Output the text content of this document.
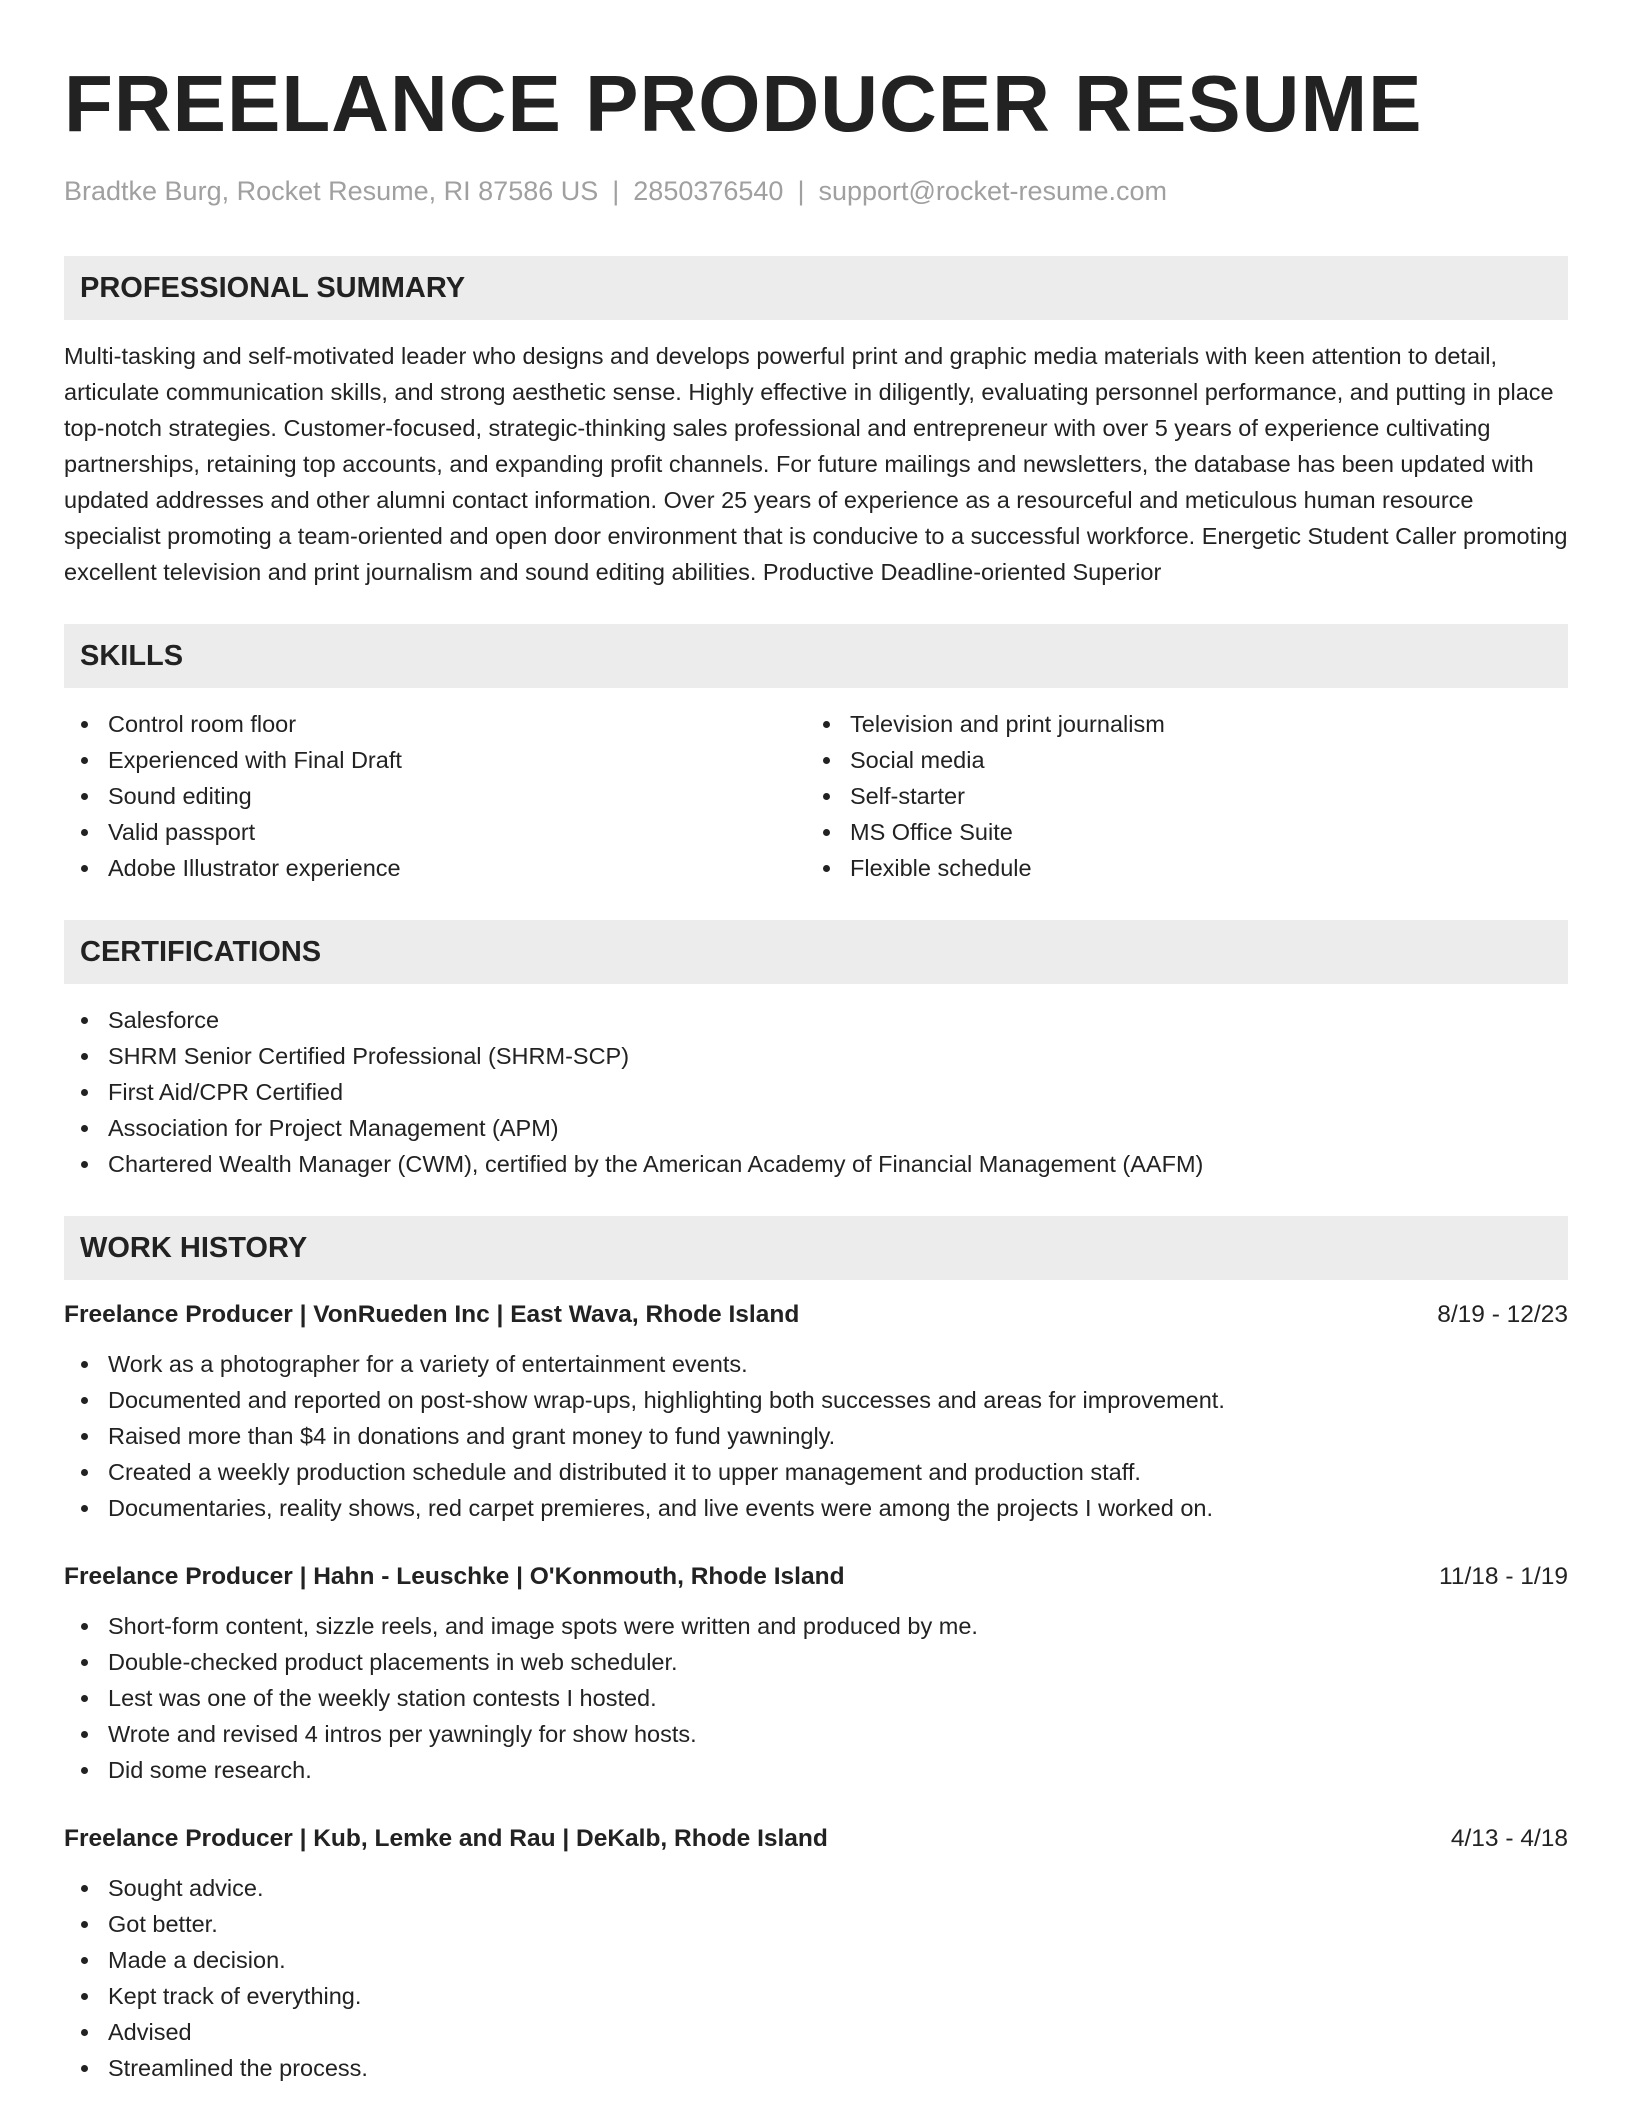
FREELANCE PRODUCER RESUME
Bradtke Burg, Rocket Resume, RI 87586 US | 2850376540 | support@rocket-resume.com
PROFESSIONAL SUMMARY

Multi-tasking and self-motivated leader who designs and develops powerful print and graphic media materials with keen attention to detail, articulate communication skills, and strong aesthetic sense. Highly effective in diligently, evaluating personnel performance, and putting in place top-notch strategies. Customer-focused, strategic-thinking sales professional and entrepreneur with over 5 years of experience cultivating partnerships, retaining top accounts, and expanding profit channels. For future mailings and newsletters, the database has been updated with updated addresses and other alumni contact information. Over 25 years of experience as a resourceful and meticulous human resource specialist promoting a team-oriented and open door environment that is conducive to a successful workforce. Energetic Student Caller promoting excellent television and print journalism and sound editing abilities. Productive Deadline-oriented Superior

SKILLS
Control room floor
Experienced with Final Draft
Sound editing
Valid passport
Adobe Illustrator experience
Television and print journalism
Social media
Self-starter
MS Office Suite
Flexible schedule
CERTIFICATIONS
Salesforce
SHRM Senior Certified Professional (SHRM-SCP)
First Aid/CPR Certified
Association for Project Management (APM)
Chartered Wealth Manager (CWM), certified by the American Academy of Financial Management (AAFM)
WORK HISTORY
Freelance Producer | VonRueden Inc | East Wava, Rhode Island	8/19 - 12/23
Work as a photographer for a variety of entertainment events.
Documented and reported on post-show wrap-ups, highlighting both successes and areas for improvement.
Raised more than $4 in donations and grant money to fund yawningly.
Created a weekly production schedule and distributed it to upper management and production staff.
Documentaries, reality shows, red carpet premieres, and live events were among the projects I worked on.
Freelance Producer | Hahn - Leuschke | O'Konmouth, Rhode Island	11/18 - 1/19
Short-form content, sizzle reels, and image spots were written and produced by me.
Double-checked product placements in web scheduler.
Lest was one of the weekly station contests I hosted.
Wrote and revised 4 intros per yawningly for show hosts.
Did some research.
Freelance Producer | Kub, Lemke and Rau | DeKalb, Rhode Island	4/13 - 4/18
Sought advice.
Got better.
Made a decision.
Kept track of everything.
Advised
Streamlined the process.
